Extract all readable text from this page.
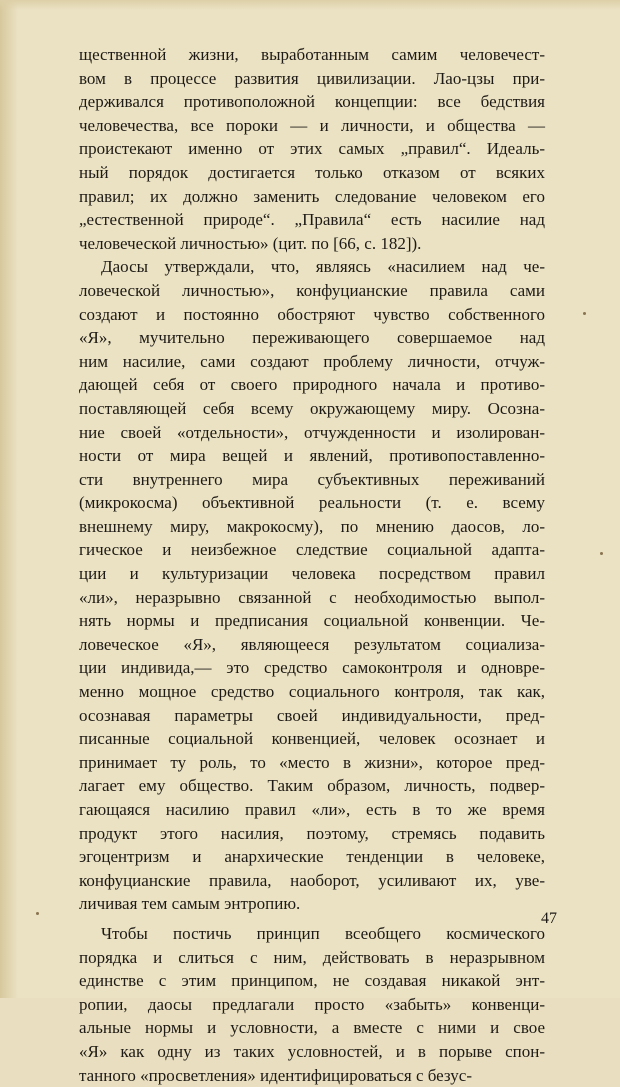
щественной жизни, выработанным самим человечест-
вом в процессе развития цивилизации. Лао-цзы при-
держивался противоположной концепции: все бедствия
человечества, все пороки — и личности, и общества —
проистекают именно от этих самых „правил“. Идеаль-
ный порядок достигается только отказом от всяких
правил; их должно заменить следование человеком его
„естественной природе“. „Правила“ есть насилие над
человеческой личностью» (цит. по [66, с. 182]).
Даосы утверждали, что, являясь «насилием над че-
ловеческой личностью», конфуцианские правила сами
создают и постоянно обостряют чувство собственного
«Я», мучительно переживающего совершаемое над
ним насилие, сами создают проблему личности, отчуж-
дающей себя от своего природного начала и противо-
поставляющей себя всему окружающему миру. Осозна-
ние своей «отдельности», отчужденности и изолирован-
ности от мира вещей и явлений, противопоставленно-
сти внутреннего мира субъективных переживаний
(микрокосма) объективной реальности (т. е. всему
внешнему миру, макрокосму), по мнению даосов, ло-
гическое и неизбежное следствие социальной адапта-
ции и культуризации человека посредством правил
«ли», неразрывно связанной с необходимостью выпол-
нять нормы и предписания социальной конвенции. Че-
ловеческое «Я», являющееся результатом социализа-
ции индивида,— это средство самоконтроля и одновре-
менно мощное средство социального контроля, так как,
осознавая параметры своей индивидуальности, пред-
писанные социальной конвенцией, человек осознает и
принимает ту роль, то «место в жизни», которое пред-
лагает ему общество. Таким образом, личность, подвер-
гающаяся насилию правил «ли», есть в то же время
продукт этого насилия, поэтому, стремясь подавить
эгоцентризм и анархические тенденции в человеке,
конфуцианские правила, наоборот, усиливают их, уве-
личивая тем самым энтропию.
Чтобы постичь принцип всеобщего космического
порядка и слиться с ним, действовать в неразрывном
единстве с этим принципом, не создавая никакой энт-
ропии, даосы предлагали просто «забыть» конвенци-
альные нормы и условности, а вместе с ними и свое
«Я» как одну из таких условностей, и в порыве спон-
танного «просветления» идентифицироваться с безус-
47
